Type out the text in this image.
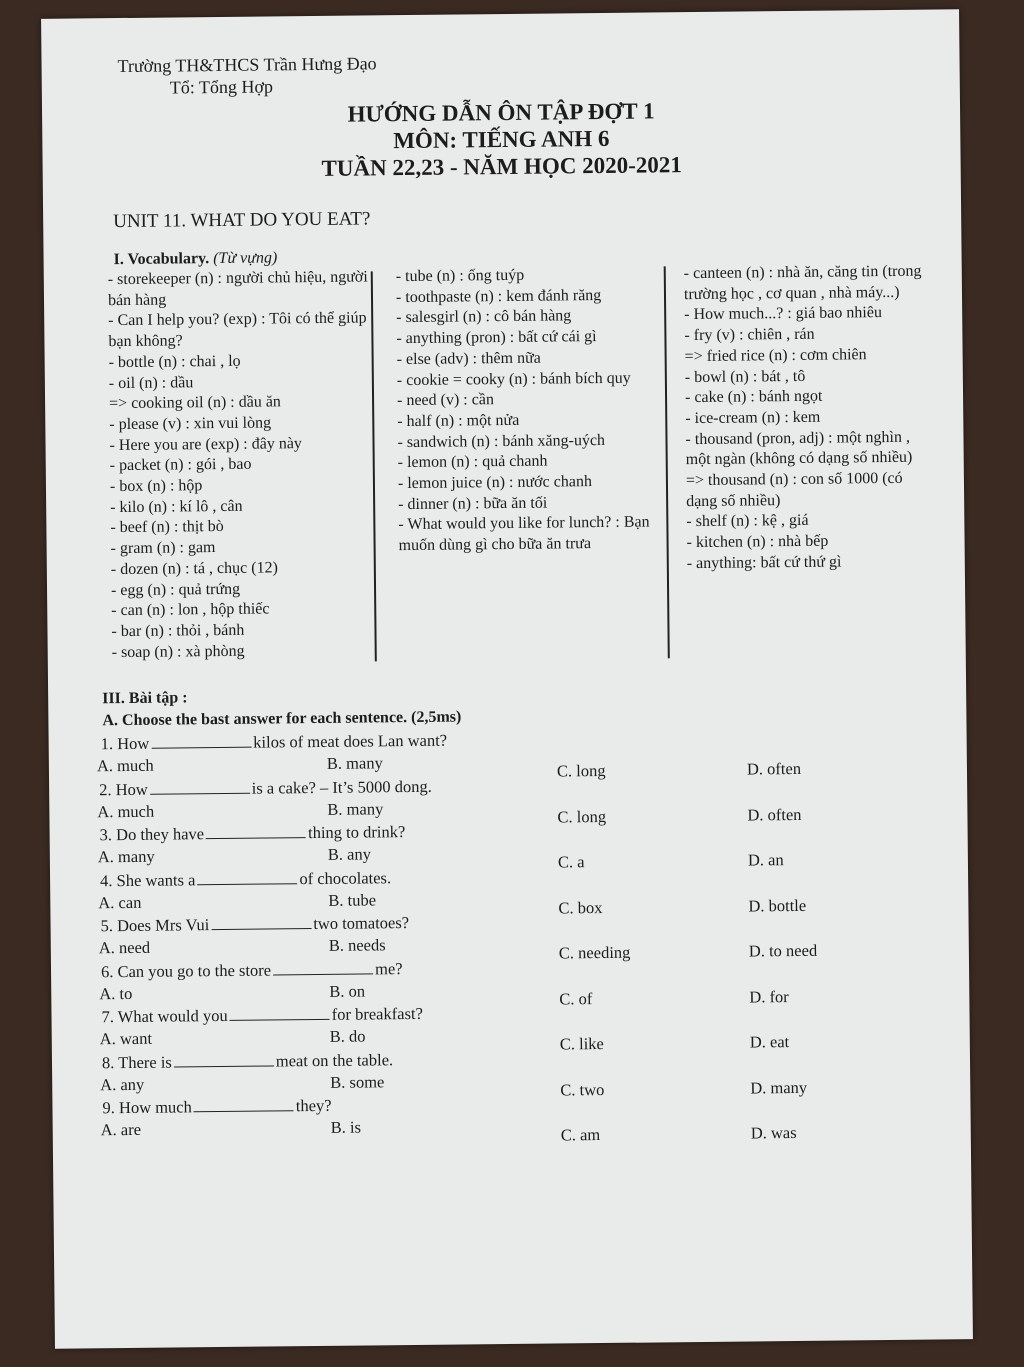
Trường TH&THCS Trần Hưng Đạo
Tổ: Tổng Hợp
HƯỚNG DẪN ÔN TẬP ĐỢT 1
MÔN: TIẾNG ANH 6
TUẦN 22,23 - NĂM HỌC 2020-2021
UNIT 11. WHAT DO YOU EAT?
I. Vocabulary. (Từ vựng)
- storekeeper (n) : người chủ hiệu, người bán hàng
- Can I help you? (exp) : Tôi có thể giúp bạn không?
- bottle (n) : chai , lọ
- oil (n) : dầu
=> cooking oil (n) : dầu ăn
- please (v) : xin vui lòng
- Here you are (exp) : đây này
- packet (n) : gói , bao
- box (n) : hộp
- kilo (n) : kí lô , cân
- beef (n) : thịt bò
- gram (n) : gam
- dozen (n) : tá , chục (12)
- egg (n) : quả trứng
- can (n) : lon , hộp thiếc
- bar (n) : thỏi , bánh
- soap (n) : xà phòng
- tube (n) : ống tuýp
- toothpaste (n) : kem đánh răng
- salesgirl (n) : cô bán hàng
- anything (pron) : bất cứ cái gì
- else (adv) : thêm nữa
- cookie = cooky (n) : bánh bích quy
- need (v) : cần
- half (n) : một nửa
- sandwich (n) : bánh xăng-uých
- lemon (n) : quả chanh
- lemon juice (n) : nước chanh
- dinner (n) : bữa ăn tối
- What would you like for lunch? : Bạn muốn dùng gì cho bữa ăn trưa
- canteen (n) : nhà ăn, căng tin (trong trường học , cơ quan , nhà máy...)
- How much...? : giá bao nhiêu
- fry (v) : chiên , rán
=> fried rice (n) : cơm chiên
- bowl (n) : bát , tô
- cake (n) : bánh ngọt
- ice-cream (n) : kem
- thousand (pron, adj) : một nghìn , một ngàn (không có dạng số nhiều)
=> thousand (n) : con số 1000 (có dạng số nhiều)
- shelf (n) : kệ , giá
- kitchen (n) : nhà bếp
- anything: bất cứ thứ gì
III. Bài tập :
A. Choose the bast answer for each sentence. (2,5ms)
1. How	kilos of meat does Lan want?
A. much	B. many	C. long	D. often
2. How	is a cake? – It’s 5000 dong.
A. much	B. many	C. long	D. often
3. Do they have	thing to drink?
A. many	B. any	C. a	D. an
4. She wants a	of chocolates.
A. can	B. tube	C. box	D. bottle
5. Does Mrs Vui	two tomatoes?
A. need	B. needs	C. needing	D. to need
6. Can you go to the store	me?
A. to	B. on	C. of	D. for
7. What would you	for breakfast?
A. want	B. do	C. like	D. eat
8. There is	meat on the table.
A. any	B. some	C. two	D. many
9. How much	they?
A. are	B. is	C. am	D. was
